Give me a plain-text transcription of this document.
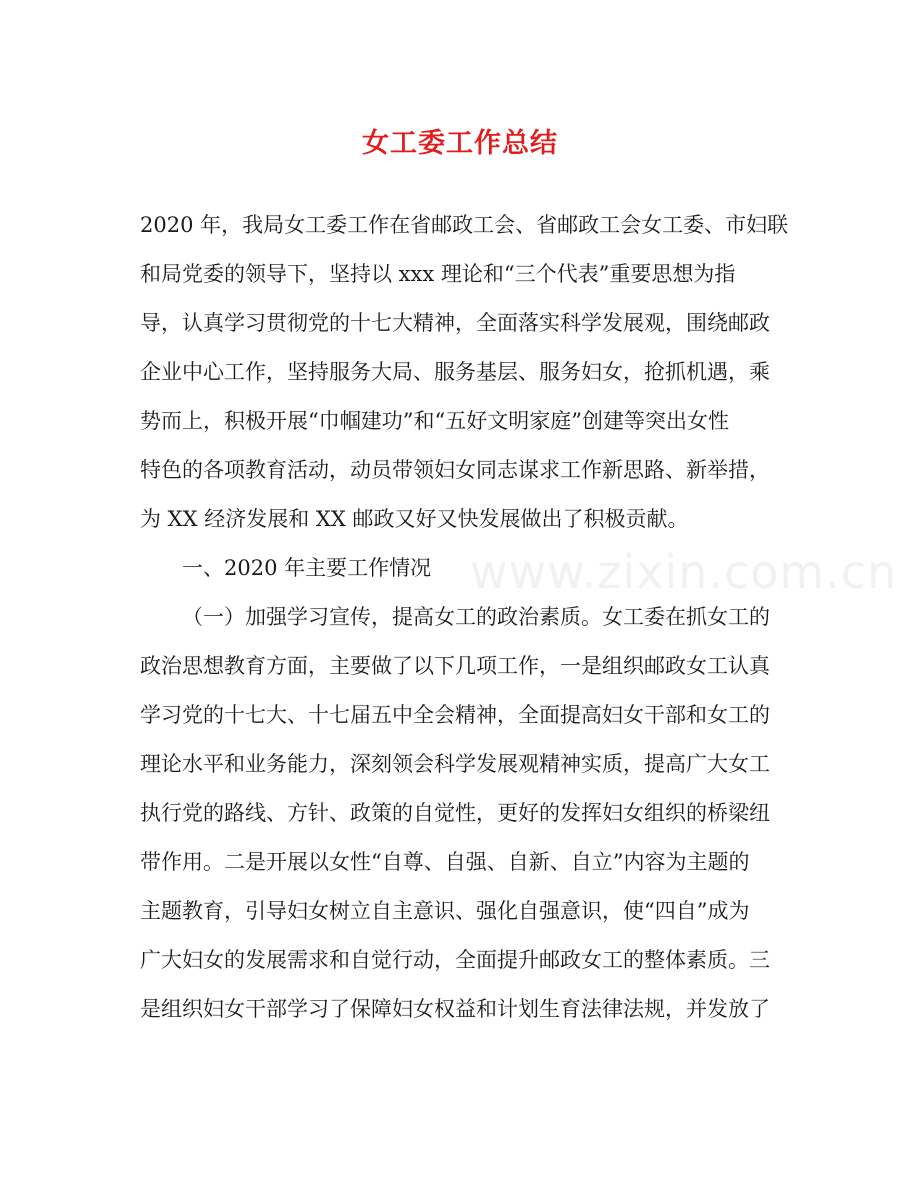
女工委工作总结
2020 年，我局女工委工作在省邮政工会、省邮政工会女工委、市妇联
和局党委的领导下，坚持以 xxx 理论和“三个代表”重要思想为指
导，认真学习贯彻党的十七大精神，全面落实科学发展观，围绕邮政
企业中心工作，坚持服务大局、服务基层、服务妇女，抢抓机遇，乘
势而上，积极开展“巾帼建功”和“五好文明家庭”创建等突出女性
特色的各项教育活动，动员带领妇女同志谋求工作新思路、新举措，
为 XX 经济发展和 XX 邮政又好又快发展做出了积极贡献。
一、2020 年主要工作情况 www.zixin.com.cn
（一）加强学习宣传，提高女工的政治素质。女工委在抓女工的
政治思想教育方面，主要做了以下几项工作，一是组织邮政女工认真
学习党的十七大、十七届五中全会精神，全面提高妇女干部和女工的
理论水平和业务能力，深刻领会科学发展观精神实质，提高广大女工
执行党的路线、方针、政策的自觉性，更好的发挥妇女组织的桥梁纽
带作用。二是开展以女性“自尊、自强、自新、自立”内容为主题的
主题教育，引导妇女树立自主意识、强化自强意识，使“四自”成为
广大妇女的发展需求和自觉行动，全面提升邮政女工的整体素质。三
是组织妇女干部学习了保障妇女权益和计划生育法律法规，并发放了
